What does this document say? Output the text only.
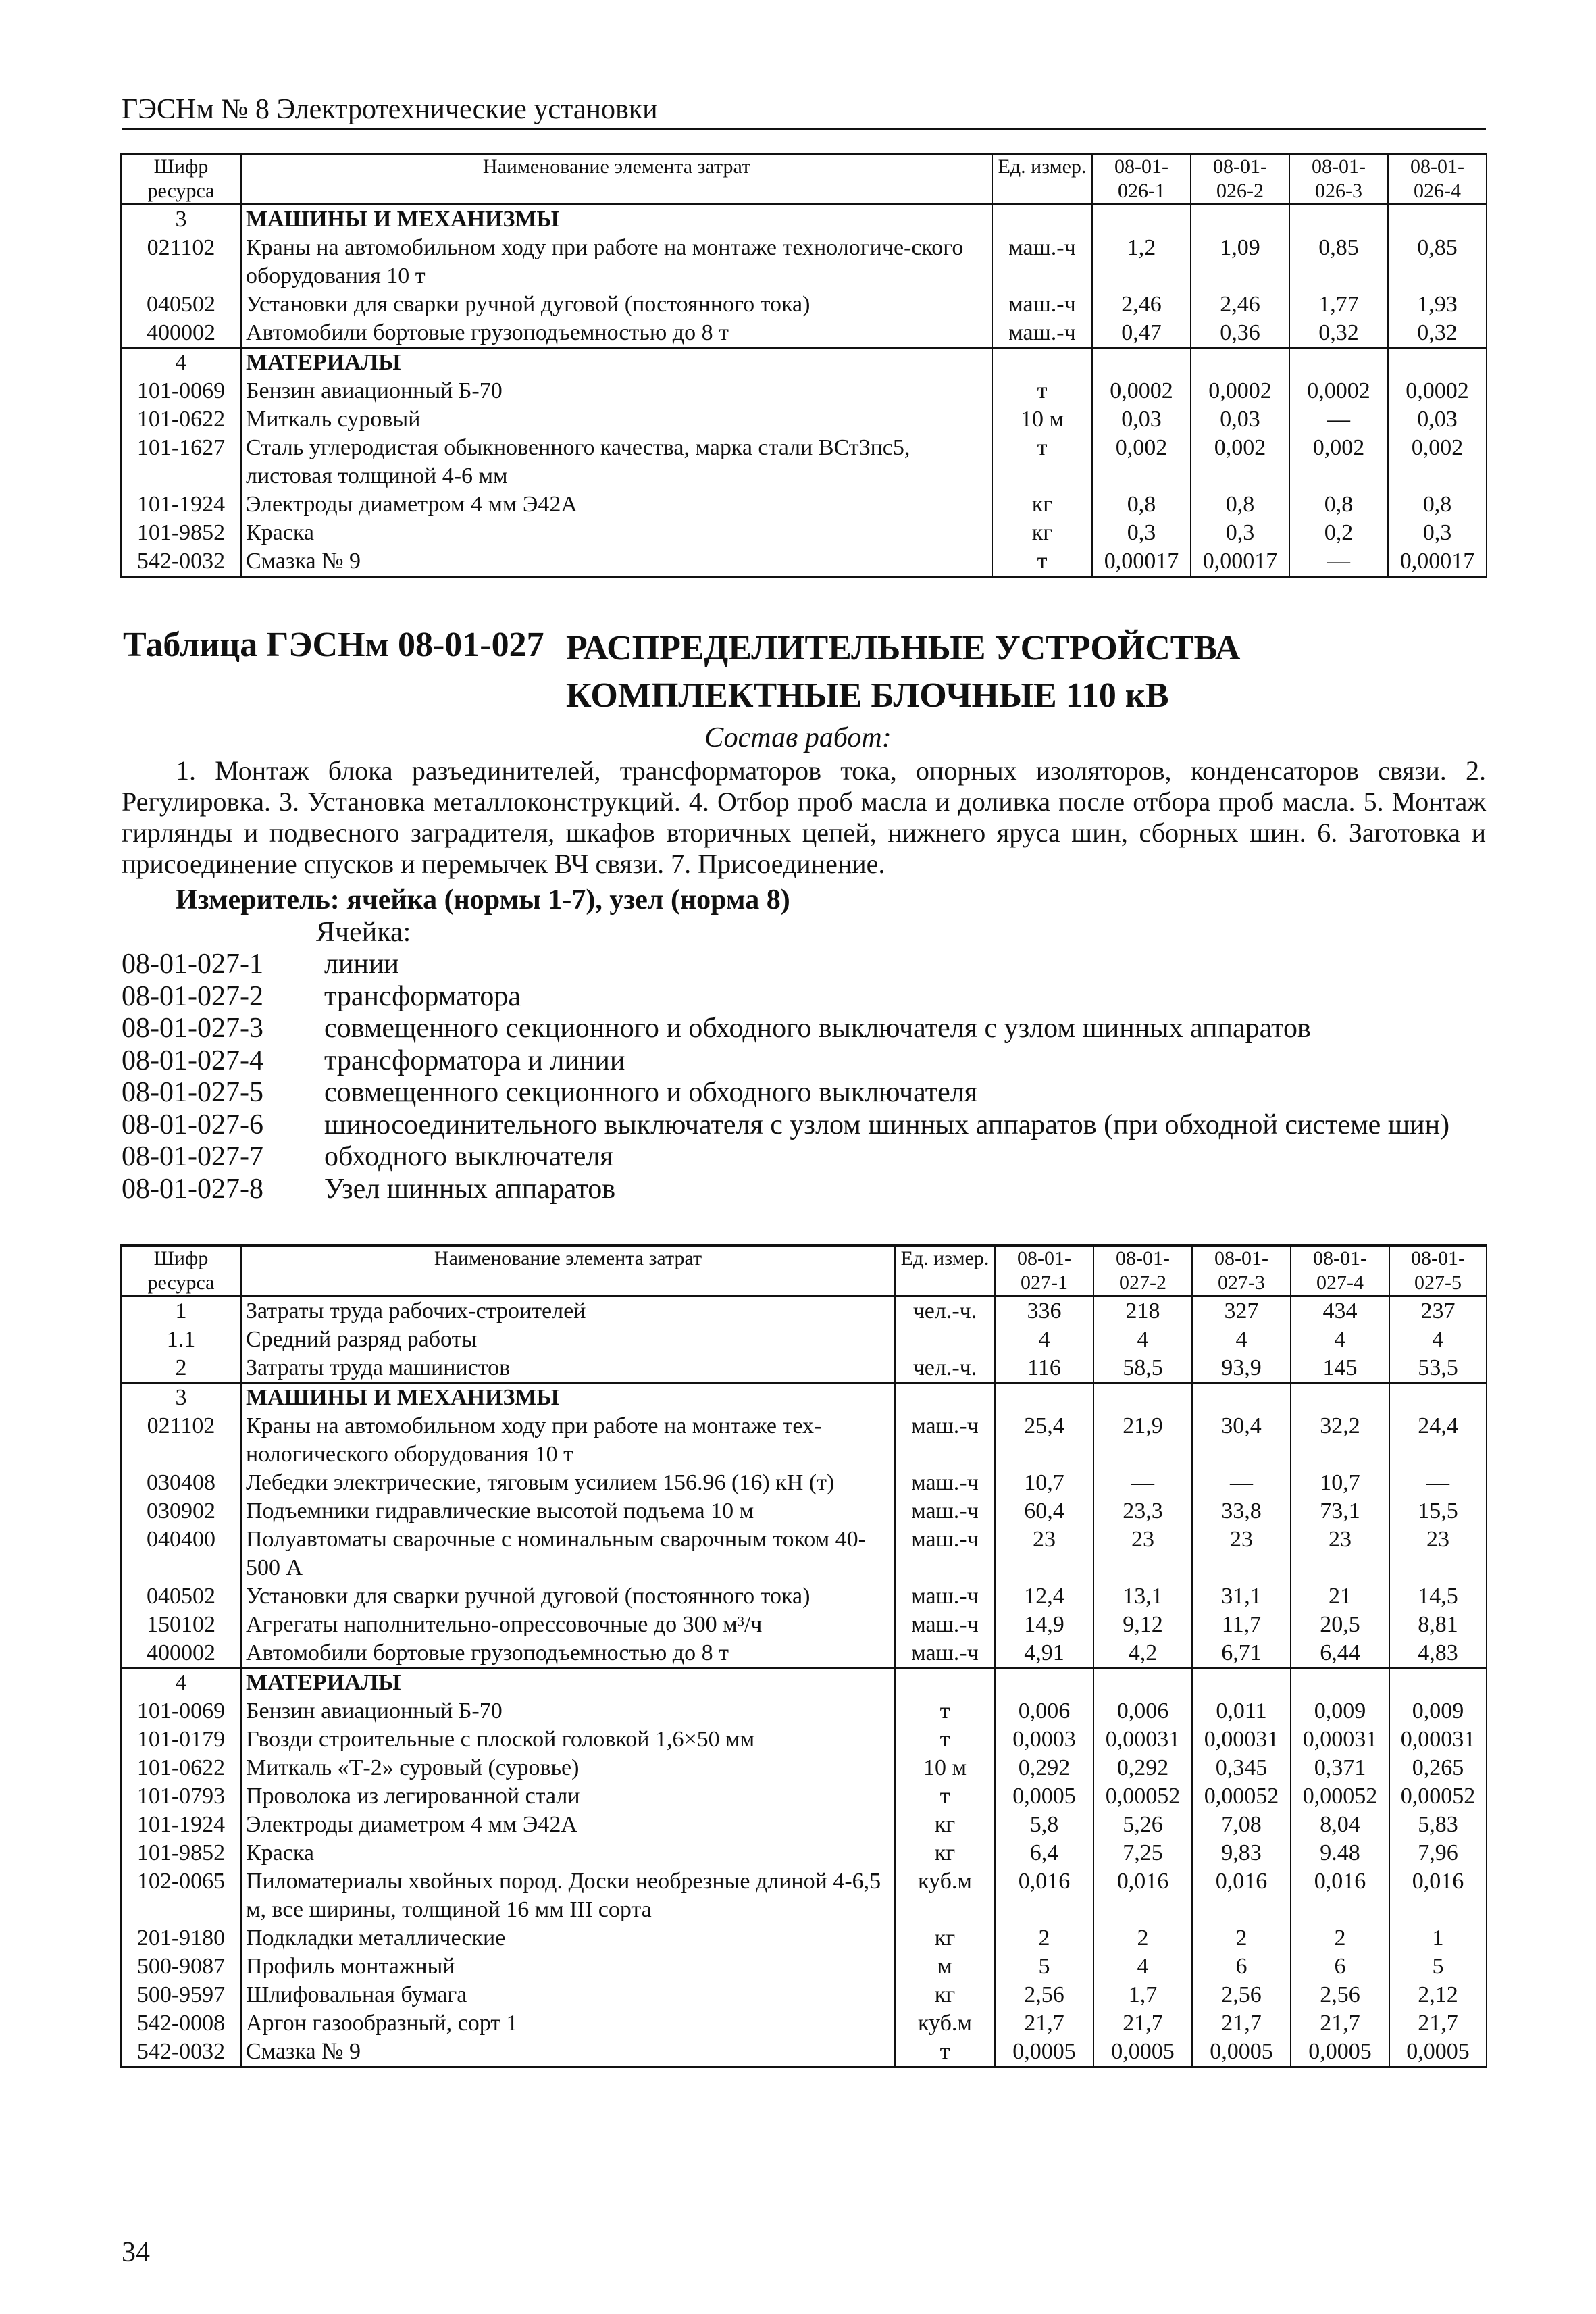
ГЭСНм № 8 Электротехнические установки
Шифр ресурса	Наименование элемента затрат	Ед. измер.	08-01-026-1	08-01-026-2	08-01-026-3	08-01-026-4
3	МАШИНЫ И МЕХАНИЗМЫ					
021102	Краны на автомобильном ходу при работе на монтаже технологиче-ского оборудования 10 т	маш.-ч	1,2	1,09	0,85	0,85
040502	Установки для сварки ручной дуговой (постоянного тока)	маш.-ч	2,46	2,46	1,77	1,93
400002	Автомобили бортовые грузоподъемностью до 8 т	маш.-ч	0,47	0,36	0,32	0,32
4	МАТЕРИАЛЫ					
101-0069	Бензин авиационный Б-70	т	0,0002	0,0002	0,0002	0,0002
101-0622	Миткаль суровый	10 м	0,03	0,03	—	0,03
101-1627	Сталь углеродистая обыкновенного качества, марка стали ВСт3пс5, листовая толщиной 4-6 мм	т	0,002	0,002	0,002	0,002
101-1924	Электроды диаметром 4 мм Э42А	кг	0,8	0,8	0,8	0,8
101-9852	Краска	кг	0,3	0,3	0,2	0,3
542-0032	Смазка № 9	т	0,00017	0,00017	—	0,00017
Таблица ГЭСНм 08-01-027 РАСПРЕДЕЛИТЕЛЬНЫЕ УСТРОЙСТВА
КОМПЛЕКТНЫЕ БЛОЧНЫЕ 110 кВ
Состав работ:
1. Монтаж блока разъединителей, трансформаторов тока, опорных изоляторов, конденсаторов связи. 2. Регулировка. 3. Установка металлоконструкций. 4. Отбор проб масла и доливка после отбора проб масла. 5. Монтаж гирлянды и подвесного заградителя, шкафов вторичных цепей, нижнего яруса шин, сборных шин. 6. Заготовка и присоединение спусков и перемычек ВЧ связи. 7. Присоединение.
Измеритель: ячейка (нормы 1-7), узел (норма 8)
Ячейка:
08-01-027-1	линии
08-01-027-2	трансформатора
08-01-027-3	совмещенного секционного и обходного выключателя с узлом шинных аппаратов
08-01-027-4	трансформатора и линии
08-01-027-5	совмещенного секционного и обходного выключателя
08-01-027-6	шиносоединительного выключателя с узлом шинных аппаратов (при обходной системе шин)
08-01-027-7	обходного выключателя
08-01-027-8	Узел шинных аппаратов
Шифр ресурса	Наименование элемента затрат	Ед. измер.	08-01-027-1	08-01-027-2	08-01-027-3	08-01-027-4	08-01-027-5
1	Затраты труда рабочих-строителей	чел.-ч.	336	218	327	434	237
1.1	Средний разряд работы		4	4	4	4	4
2	Затраты труда машинистов	чел.-ч.	116	58,5	93,9	145	53,5
3	МАШИНЫ И МЕХАНИЗМЫ						
021102	Краны на автомобильном ходу при работе на монтаже тех-нологического оборудования 10 т	маш.-ч	25,4	21,9	30,4	32,2	24,4
030408	Лебедки электрические, тяговым усилием 156.96 (16) кН (т)	маш.-ч	10,7	—	—	10,7	—
030902	Подъемники гидравлические высотой подъема 10 м	маш.-ч	60,4	23,3	33,8	73,1	15,5
040400	Полуавтоматы сварочные с номинальным сварочным током 40-500 А	маш.-ч	23	23	23	23	23
040502	Установки для сварки ручной дуговой (постоянного тока)	маш.-ч	12,4	13,1	31,1	21	14,5
150102	Агрегаты наполнительно-опрессовочные до 300 м³/ч	маш.-ч	14,9	9,12	11,7	20,5	8,81
400002	Автомобили бортовые грузоподъемностью до 8 т	маш.-ч	4,91	4,2	6,71	6,44	4,83
4	МАТЕРИАЛЫ						
101-0069	Бензин авиационный Б-70	т	0,006	0,006	0,011	0,009	0,009
101-0179	Гвозди строительные с плоской головкой 1,6×50 мм	т	0,0003	0,00031	0,00031	0,00031	0,00031
101-0622	Миткаль «Т-2» суровый (суровье)	10 м	0,292	0,292	0,345	0,371	0,265
101-0793	Проволока из легированной стали	т	0,0005	0,00052	0,00052	0,00052	0,00052
101-1924	Электроды диаметром 4 мм Э42А	кг	5,8	5,26	7,08	8,04	5,83
101-9852	Краска	кг	6,4	7,25	9,83	9.48	7,96
102-0065	Пиломатериалы хвойных пород. Доски необрезные длиной 4-6,5 м, все ширины, толщиной 16 мм III сорта	куб.м	0,016	0,016	0,016	0,016	0,016
201-9180	Подкладки металлические	кг	2	2	2	2	1
500-9087	Профиль монтажный	м	5	4	6	6	5
500-9597	Шлифовальная бумага	кг	2,56	1,7	2,56	2,56	2,12
542-0008	Аргон газообразный, сорт 1	куб.м	21,7	21,7	21,7	21,7	21,7
542-0032	Смазка № 9	т	0,0005	0,0005	0,0005	0,0005	0,0005
34
